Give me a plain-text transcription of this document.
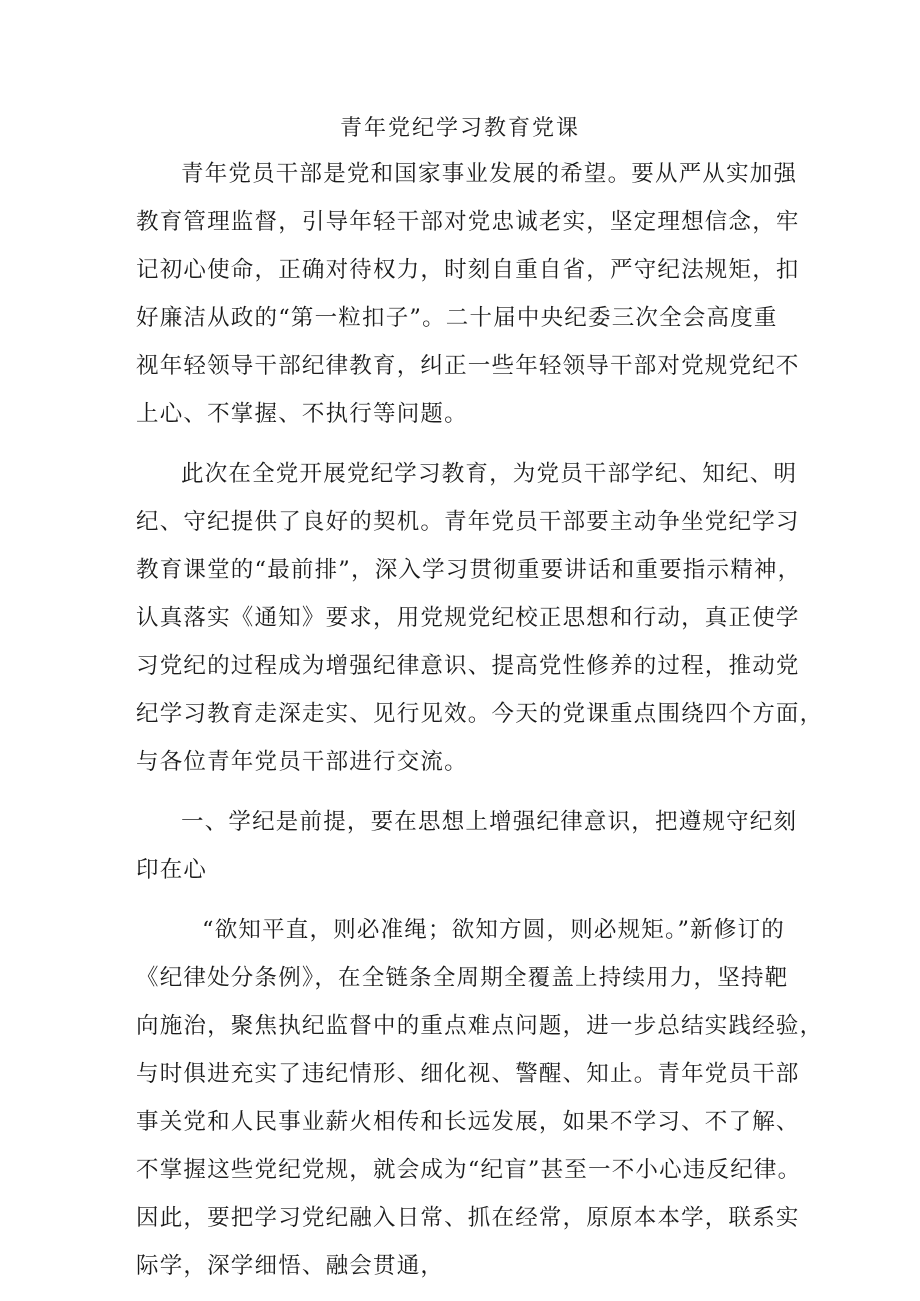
青年党纪学习教育党课
青年党员干部是党和国家事业发展的希望。要从严从实加强
教育管理监督，引导年轻干部对党忠诚老实，坚定理想信念，牢
记初心使命，正确对待权力，时刻自重自省，严守纪法规矩，扣
好廉洁从政的“第一粒扣子”。二十届中央纪委三次全会高度重
视年轻领导干部纪律教育，纠正一些年轻领导干部对党规党纪不
上心、不掌握、不执行等问题。
此次在全党开展党纪学习教育，为党员干部学纪、知纪、明
纪、守纪提供了良好的契机。青年党员干部要主动争坐党纪学习
教育课堂的“最前排”，深入学习贯彻重要讲话和重要指示精神，
认真落实《通知》要求，用党规党纪校正思想和行动，真正使学
习党纪的过程成为增强纪律意识、提高党性修养的过程，推动党
纪学习教育走深走实、见行见效。今天的党课重点围绕四个方面，
与各位青年党员干部进行交流。
一、学纪是前提，要在思想上增强纪律意识，把遵规守纪刻
印在心
“欲知平直，则必准绳；欲知方圆，则必规矩。”新修订的
《纪律处分条例》，在全链条全周期全覆盖上持续用力，坚持靶
向施治，聚焦执纪监督中的重点难点问题，进一步总结实践经验，
与时俱进充实了违纪情形、细化视、警醒、知止。青年党员干部
事关党和人民事业薪火相传和长远发展，如果不学习、不了解、
不掌握这些党纪党规，就会成为“纪盲”甚至一不小心违反纪律。
因此，要把学习党纪融入日常、抓在经常，原原本本学，联系实
际学，深学细悟、融会贯通，
